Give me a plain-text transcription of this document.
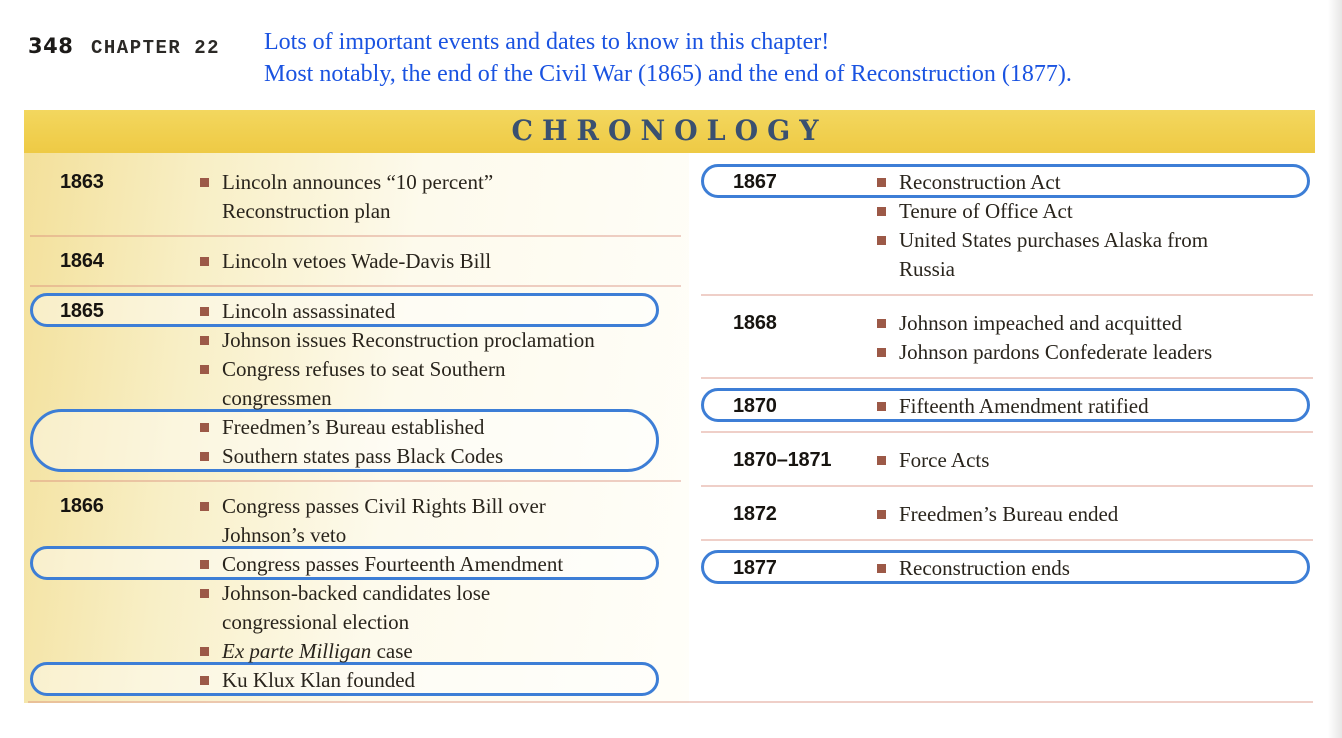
348 CHAPTER 22 Lots of important events and dates to know in this chapter!
Most notably, the end of the Civil War (1865) and the end of Reconstruction (1877).
CHRONOLOGY
1863	Lincoln announces “10 percent”
Reconstruction plan
1864	Lincoln vetoes Wade-Davis Bill
1865	Lincoln assassinated
Johnson issues Reconstruction proclamation
Congress refuses to seat Southern
congressmen
Freedmen’s Bureau established
Southern states pass Black Codes
1866	Congress passes Civil Rights Bill over
Johnson’s veto
Congress passes Fourteenth Amendment
Johnson-backed candidates lose
congressional election
Ex parte Milligan case
Ku Klux Klan founded
1867	Reconstruction Act
Tenure of Office Act
United States purchases Alaska from
Russia
1868	Johnson impeached and acquitted
Johnson pardons Confederate leaders
1870	Fifteenth Amendment ratified
1870–1871	Force Acts
1872	Freedmen’s Bureau ended
1877	Reconstruction ends
